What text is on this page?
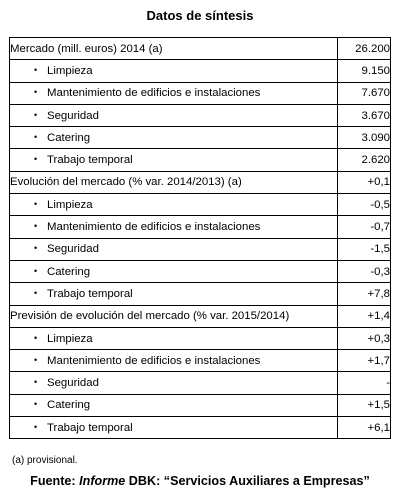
Datos de síntesis
Mercado (mill. euros) 2014 (a)	26.200
• Limpieza	9.150
• Mantenimiento de edificios e instalaciones	7.670
• Seguridad	3.670
• Catering	3.090
• Trabajo temporal	2.620
Evolución del mercado (% var. 2014/2013) (a)	+0,1
• Limpieza	-0,5
• Mantenimiento de edificios e instalaciones	-0,7
• Seguridad	-1,5
• Catering	-0,3
• Trabajo temporal	+7,8
Previsión de evolución del mercado (% var. 2015/2014)	+1,4
• Limpieza	+0,3
• Mantenimiento de edificios e instalaciones	+1,7
• Seguridad	-
• Catering	+1,5
• Trabajo temporal	+6,1
(a) provisional.
Fuente: Informe DBK: “Servicios Auxiliares a Empresas”
